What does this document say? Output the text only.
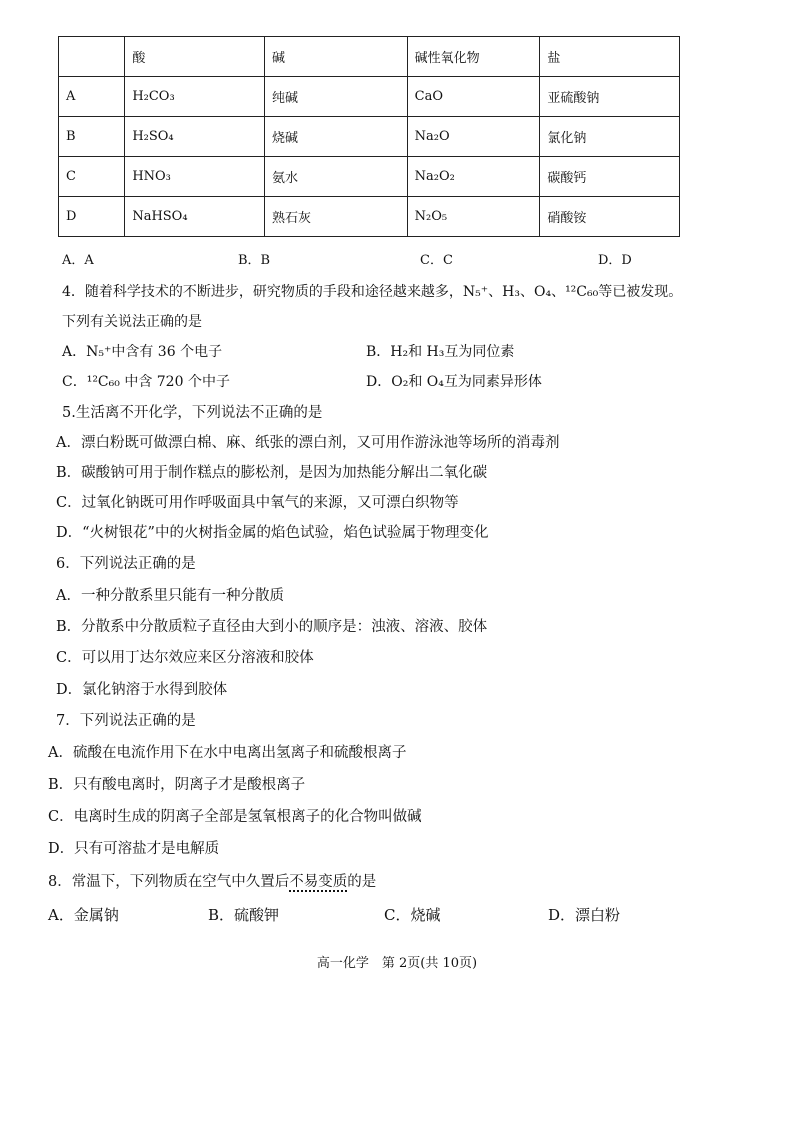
	酸	碱	碱性氧化物	盐
A	H₂CO₃	纯碱	CaO	亚硫酸钠
B	H₂SO₄	烧碱	Na₂O	氯化钠
C	HNO₃	氨水	Na₂O₂	碳酸钙
D	NaHSO₄	熟石灰	N₂O₅	硝酸铵
A．A	B．B	C．C	D．D
4．随着科学技术的不断进步，研究物质的手段和途径越来越多，N₅⁺、H₃、O₄、¹²C₆₀等已被发现。
下列有关说法正确的是
A．N₅⁺中含有 36 个电子	B．H₂和 H₃互为同位素
C．¹²C₆₀ 中含 720 个中子	D．O₂和 O₄互为同素异形体
5.生活离不开化学，下列说法不正确的是
A．漂白粉既可做漂白棉、麻、纸张的漂白剂，又可用作游泳池等场所的消毒剂
B．碳酸钠可用于制作糕点的膨松剂，是因为加热能分解出二氧化碳
C．过氧化钠既可用作呼吸面具中氧气的来源，又可漂白织物等
D．“火树银花”中的火树指金属的焰色试验，焰色试验属于物理变化
6．下列说法正确的是
A．一种分散系里只能有一种分散质
B．分散系中分散质粒子直径由大到小的顺序是：浊液、溶液、胶体
C．可以用丁达尔效应来区分溶液和胶体
D．氯化钠溶于水得到胶体
7．下列说法正确的是
A．硫酸在电流作用下在水中电离出氢离子和硫酸根离子
B．只有酸电离时，阴离子才是酸根离子
C．电离时生成的阴离子全部是氢氧根离子的化合物叫做碱
D．只有可溶盐才是电解质
8．常温下，下列物质在空气中久置后不易变质的是
A．金属钠	B．硫酸钾	C．烧碱	D．漂白粉
高一化学　第 2页(共 10页)
